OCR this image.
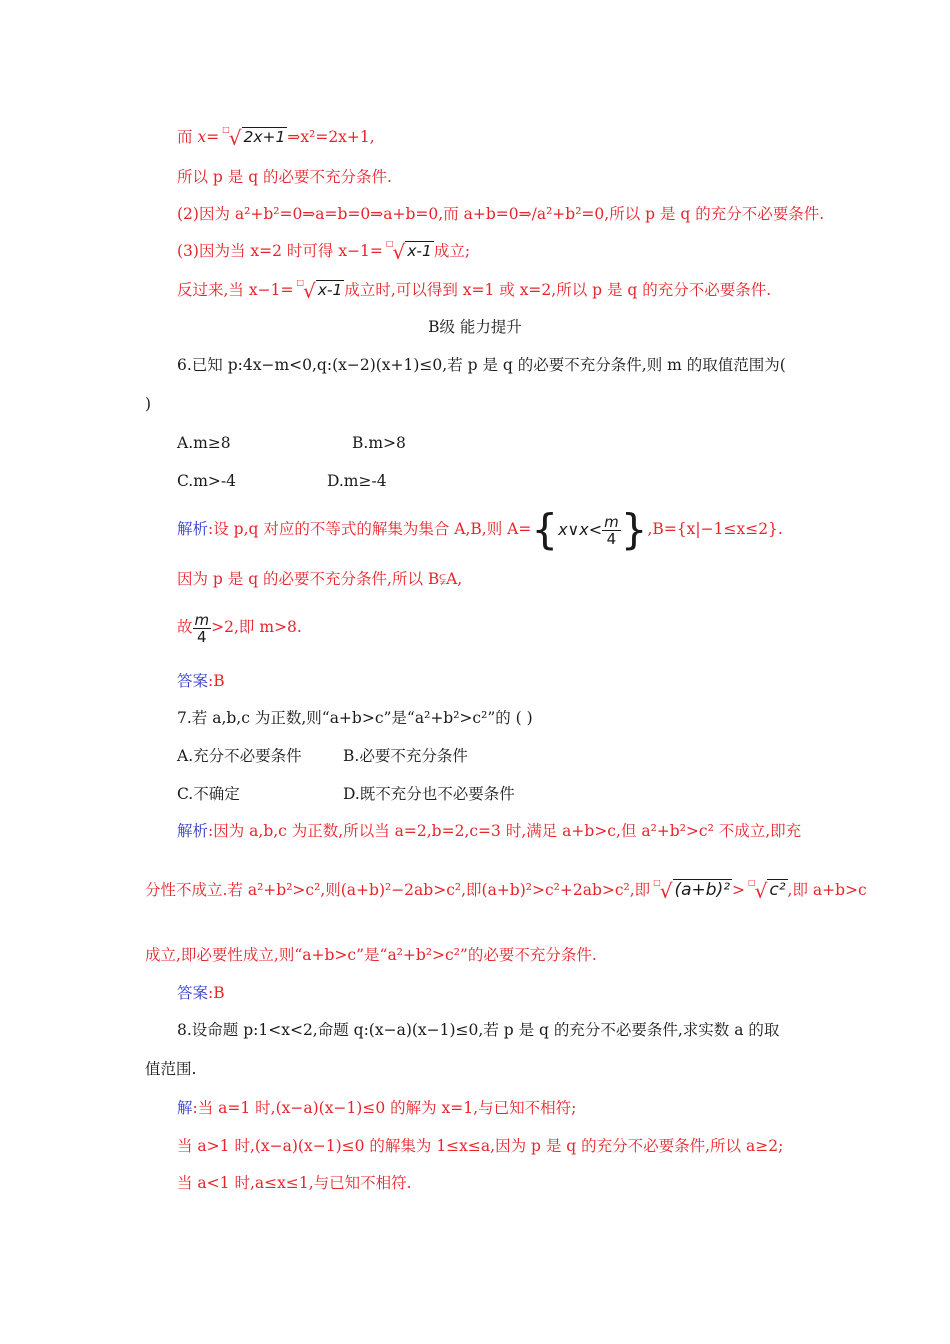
而 x= □√ 2x+1 ⇒x²=2x+1,
所以 p 是 q 的必要不充分条件.
(2)因为 a²+b²=0⇒a=b=0⇒a+b=0,而 a+b=0⇒/a²+b²=0,所以 p 是 q 的充分不必要条件.
(3)因为当 x=2 时可得 x−1= □√ x-1 成立;
反过来,当 x−1= □√ x-1 成立时,可以得到 x=1 或 x=2,所以 p 是 q 的充分不必要条件.
B级 能力提升
6.已知 p:4x−m<0,q:(x−2)(x+1)≤0,若 p 是 q 的必要不充分条件,则 m 的取值范围为(
)
A.m≥8	B.m>8
C.m>-4	D.m≥-4
解析:设 p,q 对应的不等式的解集为集合 A,B,则 A={x∨x< $\frac{m}{4} \},B=\{x|-1\le x\le 2\}$.
因为 p 是 q 的必要不充分条件,所以 B⫋A,
故 $\frac{m}{4} >2$,即 m>8.
答案:B
7.若 a,b,c 为正数,则“a+b>c”是“a²+b²>c²”的 ( )
A.充分不必要条件	B.必要不充分条件
C.不确定	D.既不充分也不必要条件
解析:因为 a,b,c 为正数,所以当 a=2,b=2,c=3 时,满足 a+b>c,但 a²+b²>c² 不成立,即充
分性不成立.若 a²+b²>c²,则(a+b)²−2ab>c²,即(a+b)²>c²+2ab>c²,即 □√ (a+b)² > □√ c² ,即 a+b>c
成立,即必要性成立,则“a+b>c”是“a²+b²>c²”的必要不充分条件.
答案:B
8.设命题 p:1<x<2,命题 q:(x−a)(x−1)≤0,若 p 是 q 的充分不必要条件,求实数 a 的取
值范围.
解:当 a=1 时,(x−a)(x−1)≤0 的解为 x=1,与已知不相符;
当 a>1 时,(x−a)(x−1)≤0 的解集为 1≤x≤a,因为 p 是 q 的充分不必要条件,所以 a≥2;
当 a<1 时,a≤x≤1,与已知不相符.
